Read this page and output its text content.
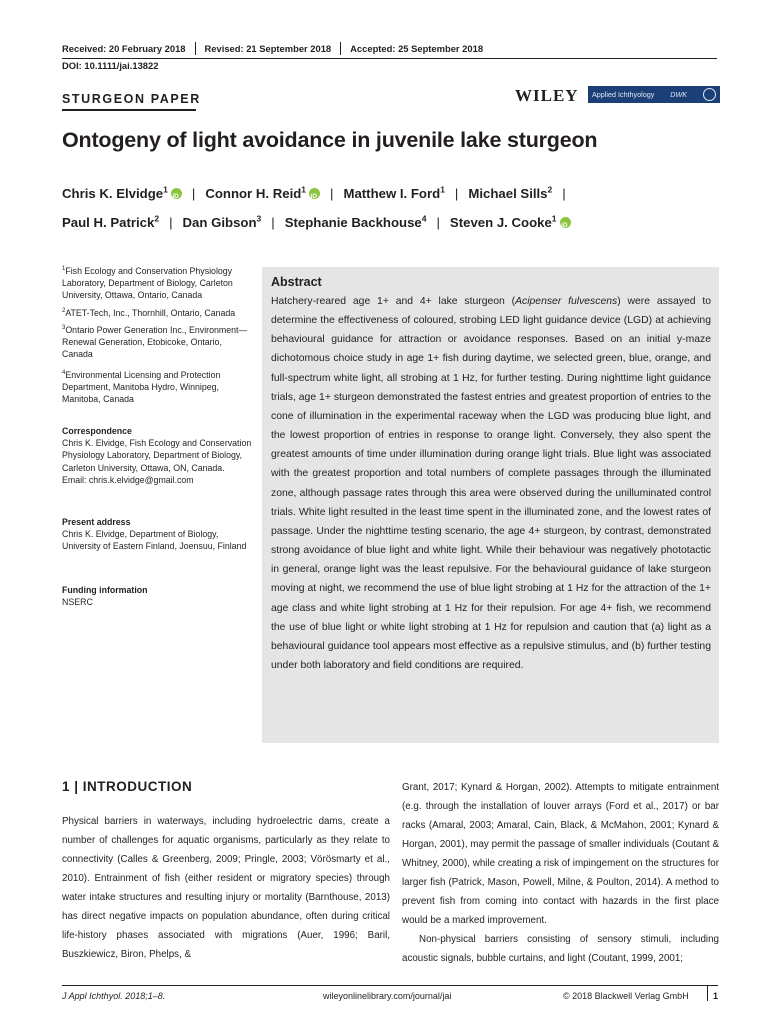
Received: 20 February 2018 Revised: 21 September 2018 Accepted: 25 September 2018
DOI: 10.1111/jai.13822
STURGEON PAPER	WILEY Applied Ichthyology DWK
Ontogeny of light avoidance in juvenile lake sturgeon
Chris K. Elvidge$^1$ iD	| Connor H. Reid$^1$ iD	| Matthew I. Ford$^1$ | Michael Sills$^2$ |
Paul H. Patrick$^2$ | Dan Gibson$^3$ | Stephanie Backhouse$^4$ | Steven J. Cooke$^1$iD
$^1$Fish Ecology and Conservation Physiology Laboratory, Department of Biology, Carleton University, Ottawa, Ontario, Canada
$^2$ATET-Tech, Inc., Thornhill, Ontario, Canada
$^3$Ontario Power Generation Inc., Environment—Renewal Generation, Etobicoke, Ontario, Canada
$^4$Environmental Licensing and Protection Department, Manitoba Hydro, Winnipeg, Manitoba, Canada
Correspondence
Chris K. Elvidge, Fish Ecology and Conservation Physiology Laboratory, Department of Biology, Carleton University, Ottawa, ON, Canada.
Email: chris.k.elvidge@gmail.com
Present address
Chris K. Elvidge, Department of Biology, University of Eastern Finland, Joensuu, Finland
Funding information
NSERC
Abstract
Hatchery-reared age 1+ and 4+ lake sturgeon (Acipenser fulvescens) were assayed to determine the effectiveness of coloured, strobing LED light guidance device (LGD) at achieving behavioural guidance for attraction or avoidance responses. Based on an initial y-maze dichotomous choice study in age 1+ fish during daytime, we selected green, blue, orange, and full-spectrum white light, all strobing at 1 Hz, for further testing. During nighttime light guidance trials, age 1+ sturgeon demonstrated the fastest entries and greatest proportion of entries to the cone of illumination in the experimental raceway when the LGD was producing blue light, and the lowest proportion of entries in response to orange light. Conversely, they also spent the greatest amounts of time under illumination during orange light trials. Blue light was associated with the greatest proportion and total numbers of complete passages through the illuminated zone, although passage rates through this area were observed during the unilluminated control trials. White light resulted in the least time spent in the illuminated zone, and the lowest rates of passage. Under the nighttime testing scenario, the age 4+ sturgeon, by contrast, demonstrated strong avoidance of blue light and white light. While their behaviour was negatively phototactic in general, orange light was the least repulsive. For the behavioural guidance of lake sturgeon moving at night, we recommend the use of blue light strobing at 1 Hz for the attraction of the 1+ age class and white light strobing at 1 Hz for their repulsion. For age 4+ fish, we recommend the use of blue light or white light strobing at 1 Hz for repulsion and caution that (a) light as a behavioural guidance tool appears most effective as a repulsive stimulus, and (b) further testing under both laboratory and field conditions are required.
1 | INTRODUCTION
Physical barriers in waterways, including hydroelectric dams, create a number of challenges for aquatic organisms, particularly as they relate to connectivity (Calles & Greenberg, 2009; Pringle, 2003; Vörösmarty et al., 2010). Entrainment of fish (either resident or migratory species) through water intake structures and resulting injury or mortality (Barnthouse, 2013) has direct negative impacts on population abundance, often during critical life-history phases associated with migrations (Auer, 1996; Baril, Buszkiewicz, Biron, Phelps, &
Grant, 2017; Kynard & Horgan, 2002). Attempts to mitigate entrainment (e.g. through the installation of louver arrays (Ford et al., 2017) or bar racks (Amaral, 2003; Amaral, Cain, Black, & McMahon, 2001; Kynard & Horgan, 2001), may permit the passage of smaller individuals (Coutant & Whitney, 2000), while creating a risk of impingement on the structures for larger fish (Patrick, Mason, Powell, Milne, & Poulton, 2014). A method to prevent fish from coming into contact with hazards in the first place would be a marked improvement.
Non-physical barriers consisting of sensory stimuli, including acoustic signals, bubble curtains, and light (Coutant, 1999, 2001;
J Appl Ichthyol. 2018;1–8.	wileyonlinelibrary.com/journal/jai	© 2018 Blackwell Verlag GmbH	1
